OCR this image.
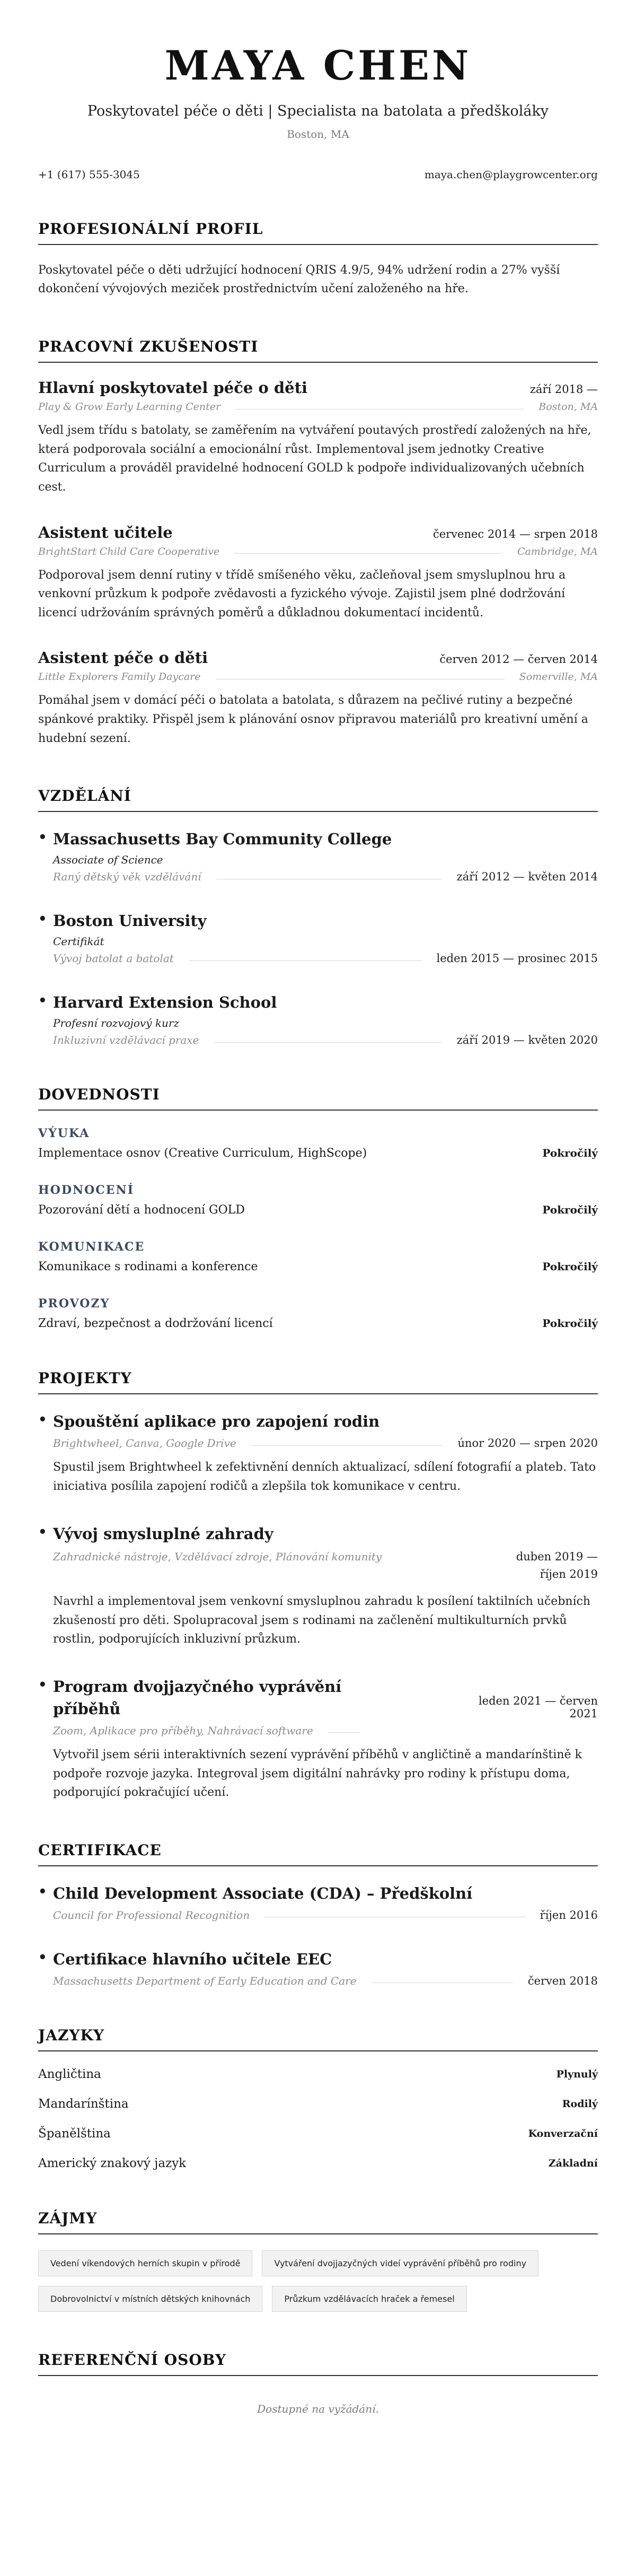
MAYA CHEN
Poskytovatel péče o děti | Specialista na batolata a předškoláky
Boston, MA
+1 (617) 555-3045	maya.chen@playgrowcenter.org
PROFESIONÁLNÍ PROFIL

Poskytovatel péče o děti udržující hodnocení QRIS 4.9/5, 94% udržení rodin a 27% vyšší dokončení vývojových meziček prostřednictvím učení založeného na hře.

PRACOVNÍ ZKUŠENOSTI
Hlavní poskytovatel péče o děti	září 2018 —
Play & Grow Early Learning Center	Boston, MA

Vedl jsem třídu s batolaty, se zaměřením na vytváření poutavých prostředí založených na hře, která podporovala sociální a emocionální růst. Implementoval jsem jednotky Creative Curriculum a prováděl pravidelné hodnocení GOLD k podpoře individualizovaných učebních cest.

Asistent učitele	červenec 2014 — srpen 2018
BrightStart Child Care Cooperative	Cambridge, MA

Podporoval jsem denní rutiny v třídě smíšeného věku, začleňoval jsem smysluplnou hru a venkovní průzkum k podpoře zvědavosti a fyzického vývoje. Zajistil jsem plné dodržování licencí udržováním správných poměrů a důkladnou dokumentací incidentů.

Asistent péče o děti	červen 2012 — červen 2014
Little Explorers Family Daycare	Somerville, MA

Pomáhal jsem v domácí péči o batolata a batolata, s důrazem na pečlivé rutiny a bezpečné spánkové praktiky. Přispěl jsem k plánování osnov připravou materiálů pro kreativní umění a hudební sezení.

VZDĚLÁNÍ
• Massachusetts Bay Community College
Associate of Science
Raný dětský věk vzdělávání	září 2012 — květen 2014
• Boston University
Certifikát
Vývoj batolat a batolat	leden 2015 — prosinec 2015
• Harvard Extension School
Profesní rozvojový kurz
Inkluzivní vzdělávací praxe	září 2019 — květen 2020
DOVEDNOSTI
VÝUKA
Implementace osnov (Creative Curriculum, HighScope)	Pokročilý
HODNOCENÍ
Pozorování dětí a hodnocení GOLD	Pokročilý
KOMUNIKACE
Komunikace s rodinami a konference	Pokročilý
PROVOZY
Zdraví, bezpečnost a dodržování licencí	Pokročilý
PROJEKTY
• Spouštění aplikace pro zapojení rodin
Brightwheel, Canva, Google Drive	únor 2020 — srpen 2020

Spustil jsem Brightwheel k zefektivnění denních aktualizací, sdílení fotografií a plateb. Tato iniciativa posílila zapojení rodičů a zlepšila tok komunikace v centru.

• Vývoj smysluplné zahrady
Zahradnické nástroje, Vzdělávací zdroje, Plánování komunity	duben 2019 — říjen 2019

Navrhl a implementoval jsem venkovní smysluplnou zahradu k posílení taktilních učebních zkušeností pro děti. Spolupracoval jsem s rodinami na začlenění multikulturních prvků rostlin, podporujících inkluzivní průzkum.

• Program dvojjazyčného vyprávění příběhů	leden 2021 — červen 2021
Zoom, Aplikace pro příběhy, Nahrávací software

Vytvořil jsem sérii interaktivních sezení vyprávění příběhů v angličtině a mandarínštině k podpoře rozvoje jazyka. Integroval jsem digitální nahrávky pro rodiny k přístupu doma, podporující pokračující učení.

CERTIFIKACE
• Child Development Associate (CDA) – Předškolní
Council for Professional Recognition	říjen 2016
• Certifikace hlavního učitele EEC
Massachusetts Department of Early Education and Care	červen 2018
JAZYKY
Angličtina	Plynulý
Mandarínština	Rodilý
Španělština	Konverzační
Americký znakový jazyk	Základní
ZÁJMY
Vedení víkendových herních skupin v přírodě	Vytváření dvojjazyčných videí vyprávění příběhů pro rodiny
Dobrovolnictví v místních dětských knihovnách	Průzkum vzdělávacích hraček a řemesel
REFERENČNÍ OSOBY
Dostupné na vyžádání.
